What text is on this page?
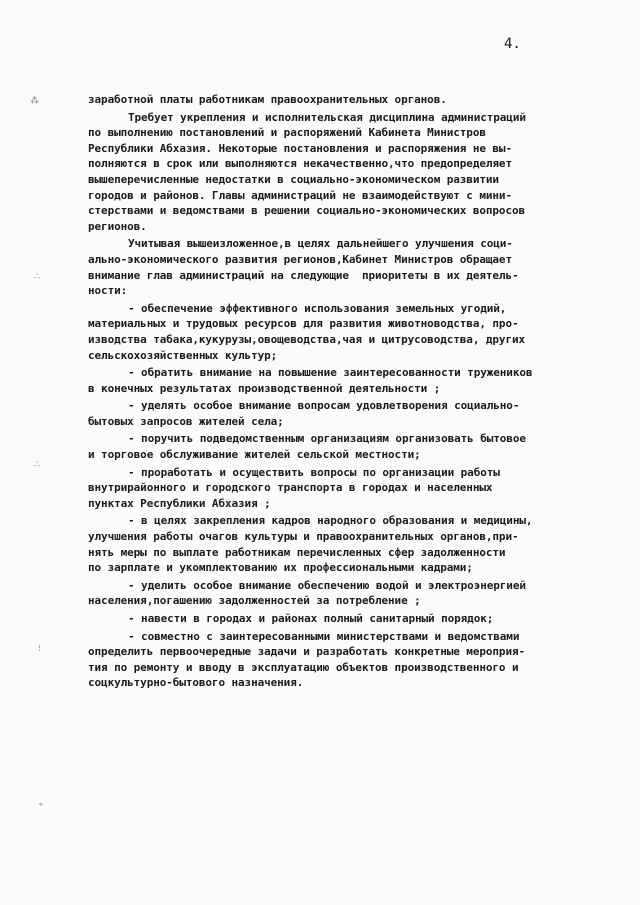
4.
⁂
∴
∴
⁝
∘
заработной платы работникам правоохранительных органов.
Требует укрепления и исполнительская дисциплина администраций
по выполнению постановлений и распоряжений Кабинета Министров
Республики Абхазия. Некоторые постановления и распоряжения не вы-
полняются в срок или выполняются некачественно,что предопределяет
вышеперечисленные недостатки в социально-экономическом развитии
городов и районов. Главы администраций не взаимодействуют с мини-
стерствами и ведомствами в решении социально-экономических вопросов
регионов.
Учитывая вышеизложенное,в целях дальнейшего улучшения соци-
ально-экономического развития регионов,Кабинет Министров обращает
внимание глав администраций на следующие  приоритеты в их деятель-
ности:
- обеспечение эффективного использования земельных угодий,
материальных и трудовых ресурсов для развития животноводства, про-
изводства табака,кукурузы,овощеводства,чая и цитрусоводства, других
сельскохозяйственных культур;
- обратить внимание на повышение заинтересованности тружеников
в конечных результатах производственной деятельности ;
- уделять особое внимание вопросам удовлетворения социально-
бытовых запросов жителей села;
- поручить подведомственным организациям организовать бытовое
и торговое обслуживание жителей сельской местности;
- проработать и осуществить вопросы по организации работы
внутрирайонного и городского транспорта в городах и населенных
пунктах Республики Абхазия ;
- в целях закрепления кадров народного образования и медицины,
улучшения работы очагов культуры и правоохранительных органов,при-
нять меры по выплате работникам перечисленных сфер задолженности
по зарплате и укомплектованию их профессиональными кадрами;
- уделить особое внимание обеспечению водой и электроэнергией
населения,погашению задолженностей за потребление ;
- навести в городах и районах полный санитарный порядок;
- совместно с заинтересованными министерствами и ведомствами
определить первоочередные задачи и разработать конкретные мероприя-
тия по ремонту и вводу в эксплуатацию объектов производственного и
соцкультурно-бытового назначения.
